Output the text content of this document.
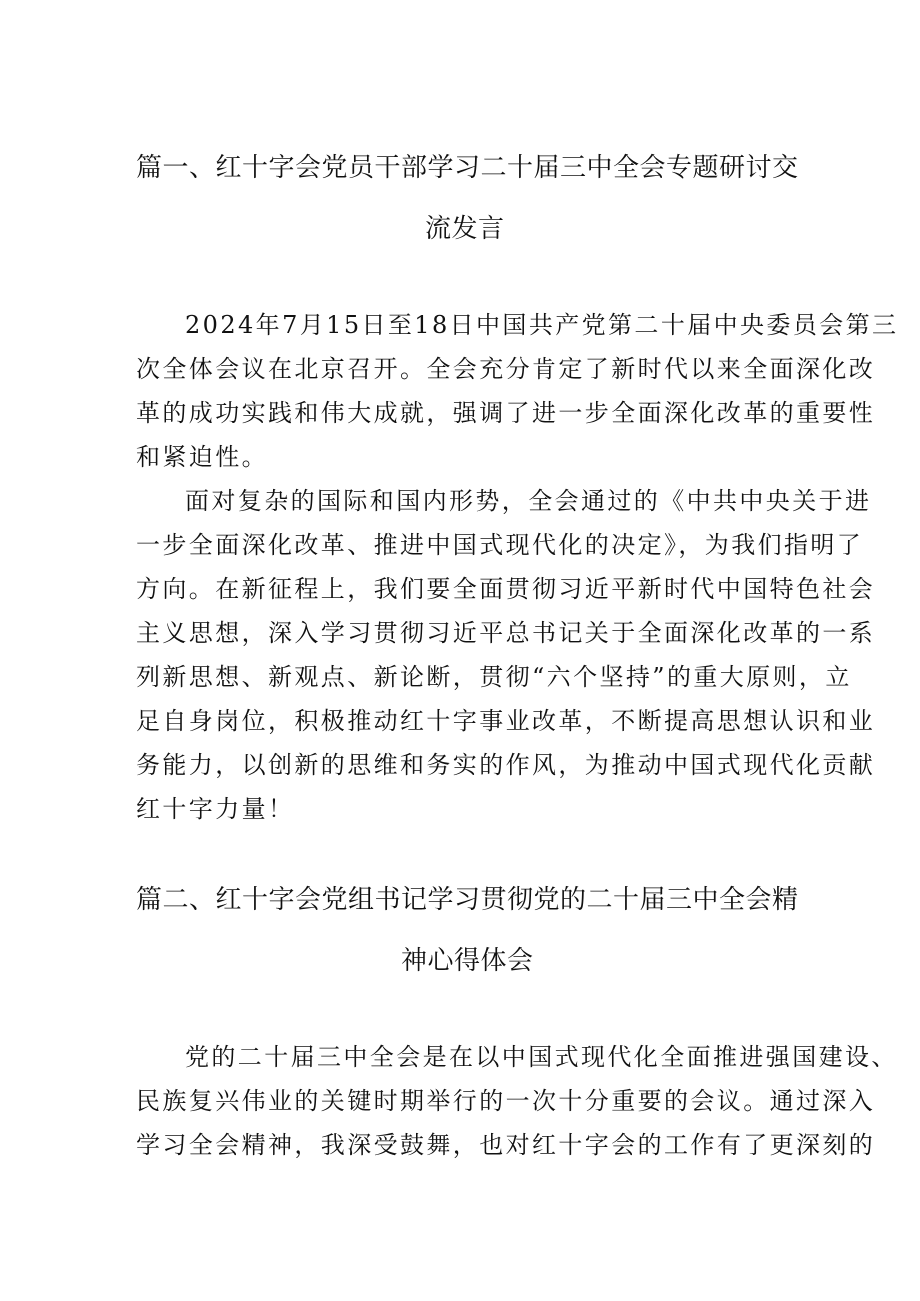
篇一、红十字会党员干部学习二十届三中全会专题研讨交
流发言
2024年7月15日至18日中国共产党第二十届中央委员会第三
次全体会议在北京召开。全会充分肯定了新时代以来全面深化改
革的成功实践和伟大成就，强调了进一步全面深化改革的重要性
和紧迫性。
面对复杂的国际和国内形势，全会通过的《中共中央关于进
一步全面深化改革、推进中国式现代化的决定》，为我们指明了
方向。在新征程上，我们要全面贯彻习近平新时代中国特色社会
主义思想，深入学习贯彻习近平总书记关于全面深化改革的一系
列新思想、新观点、新论断，贯彻“六个坚持”的重大原则，立
足自身岗位，积极推动红十字事业改革，不断提高思想认识和业
务能力，以创新的思维和务实的作风，为推动中国式现代化贡献
红十字力量！
篇二、红十字会党组书记学习贯彻党的二十届三中全会精
神心得体会
党的二十届三中全会是在以中国式现代化全面推进强国建设、
民族复兴伟业的关键时期举行的一次十分重要的会议。通过深入
学习全会精神，我深受鼓舞，也对红十字会的工作有了更深刻的
